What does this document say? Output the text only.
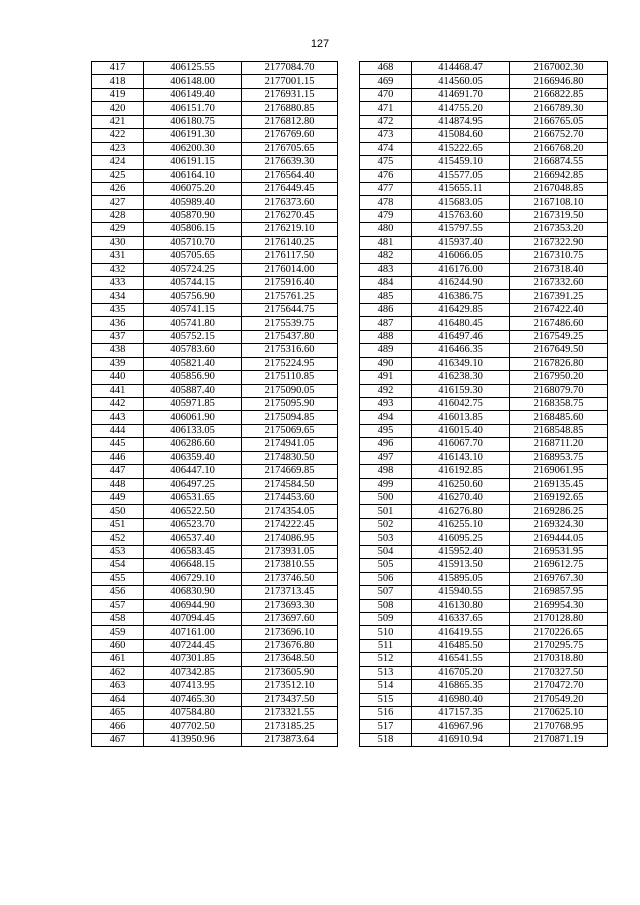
127
417	406125.55	2177084.70
418	406148.00	2177001.15
419	406149.40	2176931.15
420	406151.70	2176880.85
421	406180.75	2176812.80
422	406191.30	2176769.60
423	406200.30	2176705.65
424	406191.15	2176639.30
425	406164.10	2176564.40
426	406075.20	2176449.45
427	405989.40	2176373.60
428	405870.90	2176270.45
429	405806.15	2176219.10
430	405710.70	2176140.25
431	405705.65	2176117.50
432	405724.25	2176014.00
433	405744.15	2175916.40
434	405756.90	2175761.25
435	405741.15	2175644.75
436	405741.80	2175539.75
437	405752.15	2175437.80
438	405783.60	2175316.60
439	405821.40	2175224.95
440	405856.90	2175110.85
441	405887.40	2175090.05
442	405971.85	2175095.90
443	406061.90	2175094.85
444	406133.05	2175069.65
445	406286.60	2174941.05
446	406359.40	2174830.50
447	406447.10	2174669.85
448	406497.25	2174584.50
449	406531.65	2174453.60
450	406522.50	2174354.05
451	406523.70	2174222.45
452	406537.40	2174086.95
453	406583.45	2173931.05
454	406648.15	2173810.55
455	406729.10	2173746.50
456	406830.90	2173713.45
457	406944.90	2173693.30
458	407094.45	2173697.60
459	407161.00	2173696.10
460	407244.45	2173676.80
461	407301.85	2173648.50
462	407342.85	2173605.90
463	407413.95	2173512.10
464	407465.30	2173437.50
465	407584.80	2173321.55
466	407702.50	2173185.25
467	413950.96	2173873.64
468	414468.47	2167002.30
469	414560.05	2166946.80
470	414691.70	2166822.85
471	414755.20	2166789.30
472	414874.95	2166765.05
473	415084.60	2166752.70
474	415222.65	2166768.20
475	415459.10	2166874.55
476	415577.05	2166942.85
477	415655.11	2167048.85
478	415683.05	2167108.10
479	415763.60	2167319.50
480	415797.55	2167353.20
481	415937.40	2167322.90
482	416066.05	2167310.75
483	416176.00	2167318.40
484	416244.90	2167332.60
485	416386.75	2167391.25
486	416429.85	2167422.40
487	416480.45	2167486.60
488	416497.46	2167549.25
489	416466.35	2167649.50
490	416349.10	2167826.80
491	416238.30	2167950.20
492	416159.30	2168079.70
493	416042.75	2168358.75
494	416013.85	2168485.60
495	416015.40	2168548.85
496	416067.70	2168711.20
497	416143.10	2168953.75
498	416192.85	2169061.95
499	416250.60	2169135.45
500	416270.40	2169192.65
501	416276.80	2169286.25
502	416255.10	2169324.30
503	416095.25	2169444.05
504	415952.40	2169531.95
505	415913.50	2169612.75
506	415895.05	2169767.30
507	415940.55	2169857.95
508	416130.80	2169954.30
509	416337.65	2170128.80
510	416419.55	2170226.65
511	416485.50	2170295.75
512	416541.55	2170318.80
513	416705.20	2170327.50
514	416865.35	2170472.70
515	416980.40	2170549.20
516	417157.35	2170625.10
517	416967.96	2170768.95
518	416910.94	2170871.19
